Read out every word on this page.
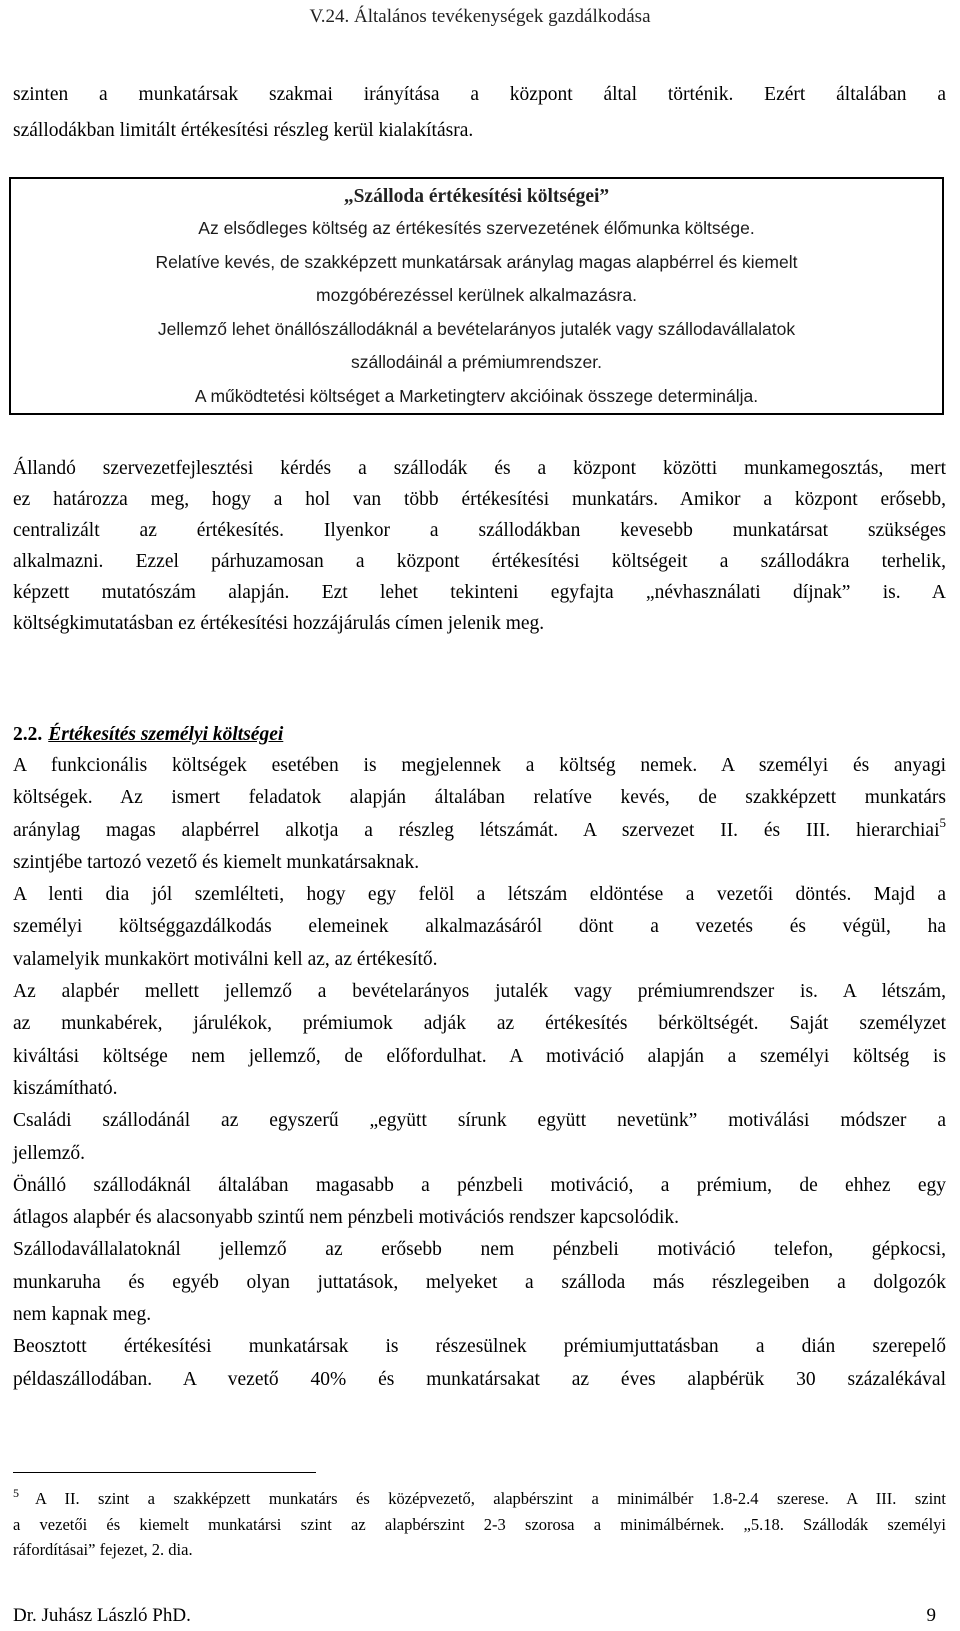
V.24. Általános tevékenységek gazdálkodása

szinten a munkatársak szakmai irányítása a központ által történik. Ezért általában a

szállodákban limitált értékesítési részleg kerül kialakításra.

„Szálloda értékesítési költségei”
Az elsődleges költség az értékesítés szervezetének élőmunka költsége.
Relatíve kevés, de szakképzett munkatársak aránylag magas alapbérrel és kiemelt
mozgóbérezéssel kerülnek alkalmazásra.
Jellemző lehet önállószállodáknál a bevételarányos jutalék vagy szállodavállalatok
szállodáinál a prémiumrendszer.
A működtetési költséget a Marketingterv akcióinak összege determinálja.

Állandó szervezetfejlesztési kérdés a szállodák és a központ közötti munkamegosztás, mert

ez határozza meg, hogy a hol van több értékesítési munkatárs. Amikor a központ erősebb,

centralizált az értékesítés. Ilyenkor a szállodákban kevesebb munkatársat szükséges

alkalmazni. Ezzel párhuzamosan a központ értékesítési költségeit a szállodákra terhelik,

képzett mutatószám alapján. Ezt lehet tekinteni egyfajta „névhasználati díjnak” is. A

költségkimutatásban ez értékesítési hozzájárulás címen jelenik meg.

2.2. Értékesítés személyi költségei

A funkcionális költségek esetében is megjelennek a költség nemek. A személyi és anyagi

költségek. Az ismert feladatok alapján általában relatíve kevés, de szakképzett munkatárs

aránylag magas alapbérrel alkotja a részleg létszámát. A szervezet II. és III. hierarchiai$^5$

szintjébe tartozó vezető és kiemelt munkatársaknak.

A lenti dia jól szemlélteti, hogy egy felöl a létszám eldöntése a vezetői döntés. Majd a

személyi költséggazdálkodás elemeinek alkalmazásáról dönt a vezetés és végül, ha

valamelyik munkakört motiválni kell az, az értékesítő.

Az alapbér mellett jellemző a bevételarányos jutalék vagy prémiumrendszer is. A létszám,

az munkabérek, járulékok, prémiumok adják az értékesítés bérköltségét. Saját személyzet

kiváltási költsége nem jellemző, de előfordulhat. A motiváció alapján a személyi költség is

kiszámítható.

Családi szállodánál az egyszerű „együtt sírunk együtt nevetünk” motiválási módszer a

jellemző.

Önálló szállodáknál általában magasabb a pénzbeli motiváció, a prémium, de ehhez egy

átlagos alapbér és alacsonyabb szintű nem pénzbeli motivációs rendszer kapcsolódik.

Szállodavállalatoknál jellemző az erősebb nem pénzbeli motiváció telefon, gépkocsi,

munkaruha és egyéb olyan juttatások, melyeket a szálloda más részlegeiben a dolgozók

nem kapnak meg.

Beosztott értékesítési munkatársak is részesülnek prémiumjuttatásban a dián szerepelő

példaszállodában. A vezető 40% és munkatársakat az éves alapbérük 30 százalékával

$^5$ A II. szint a szakképzett munkatárs és középvezető, alapbérszint a minimálbér 1.8-2.4 szerese. A III. szint

a vezetői és kiemelt munkatársi szint az alapbérszint 2-3 szorosa a minimálbérnek. „5.18. Szállodák személyi

ráfordításai” fejezet, 2. dia.

Dr. Juhász László PhD.	9
